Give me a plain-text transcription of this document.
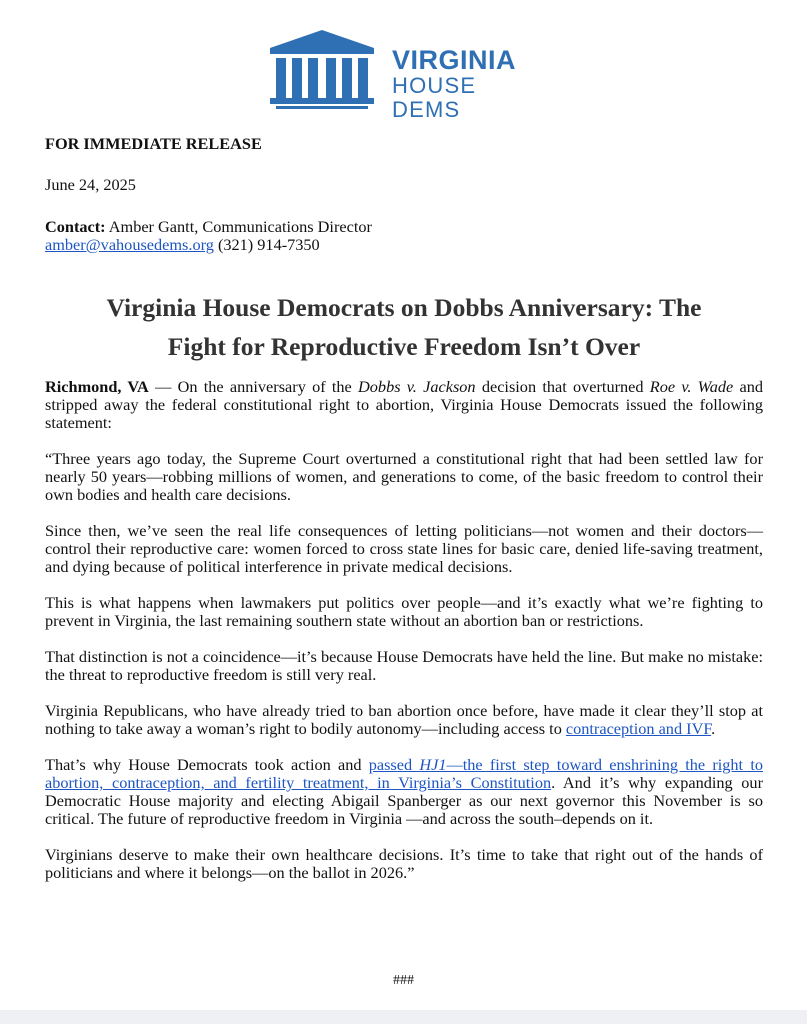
VIRGINIA
HOUSE DEMS
FOR IMMEDIATE RELEASE
June 24, 2025
Contact: Amber Gantt, Communications Director
amber@vahousedems.org (321) 914-7350
Virginia House Democrats on Dobbs Anniversary: The
Fight for Reproductive Freedom Isn’t Over

Richmond, VA — On the anniversary of the Dobbs v. Jackson decision that overturned Roe v. Wade and stripped away the federal constitutional right to abortion, Virginia House Democrats issued the following statement:

“Three years ago today, the Supreme Court overturned a constitutional right that had been settled law for nearly 50 years—robbing millions of women, and generations to come, of the basic freedom to control their own bodies and health care decisions.

Since then, we’ve seen the real life consequences of letting politicians—not women and their doctors—control their reproductive care: women forced to cross state lines for basic care, denied life-saving treatment, and dying because of political interference in private medical decisions.

This is what happens when lawmakers put politics over people—and it’s exactly what we’re fighting to prevent in Virginia, the last remaining southern state without an abortion ban or restrictions.

That distinction is not a coincidence—it’s because House Democrats have held the line. But make no mistake: the threat to reproductive freedom is still very real.

Virginia Republicans, who have already tried to ban abortion once before, have made it clear they’ll stop at nothing to take away a woman’s right to bodily autonomy—including access to contraception and IVF.

That’s why House Democrats took action and passed HJ1—the first step toward enshrining the right to abortion, contraception, and fertility treatment, in Virginia’s Constitution. And it’s why expanding our Democratic House majority and electing Abigail Spanberger as our next governor this November is so critical. The future of reproductive freedom in Virginia —and across the south–depends on it.

Virginians deserve to make their own healthcare decisions. It’s time to take that right out of the hands of politicians and where it belongs—on the ballot in 2026.”

###
